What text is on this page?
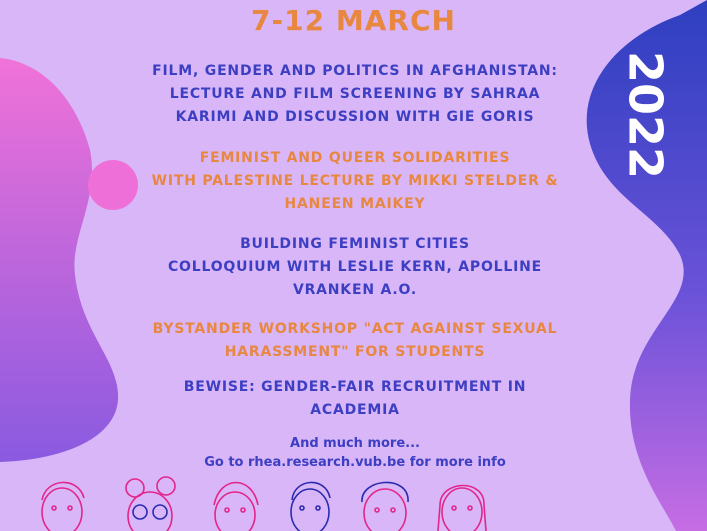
7-12 MARCH
2022
FILM, GENDER AND POLITICS IN AFGHANISTAN:
LECTURE AND FILM SCREENING BY SAHRAA
KARIMI AND DISCUSSION WITH GIE GORIS
FEMINIST AND QUEER SOLIDARITIES
WITH PALESTINE LECTURE BY MIKKI STELDER &
HANEEN MAIKEY
BUILDING FEMINIST CITIES
COLLOQUIUM WITH LESLIE KERN, APOLLINE
VRANKEN A.O.
BYSTANDER WORKSHOP "ACT AGAINST SEXUAL
HARASSMENT" FOR STUDENTS
BEWISE: GENDER-FAIR RECRUITMENT IN
ACADEMIA
And much more...
Go to rhea.research.vub.be for more info
